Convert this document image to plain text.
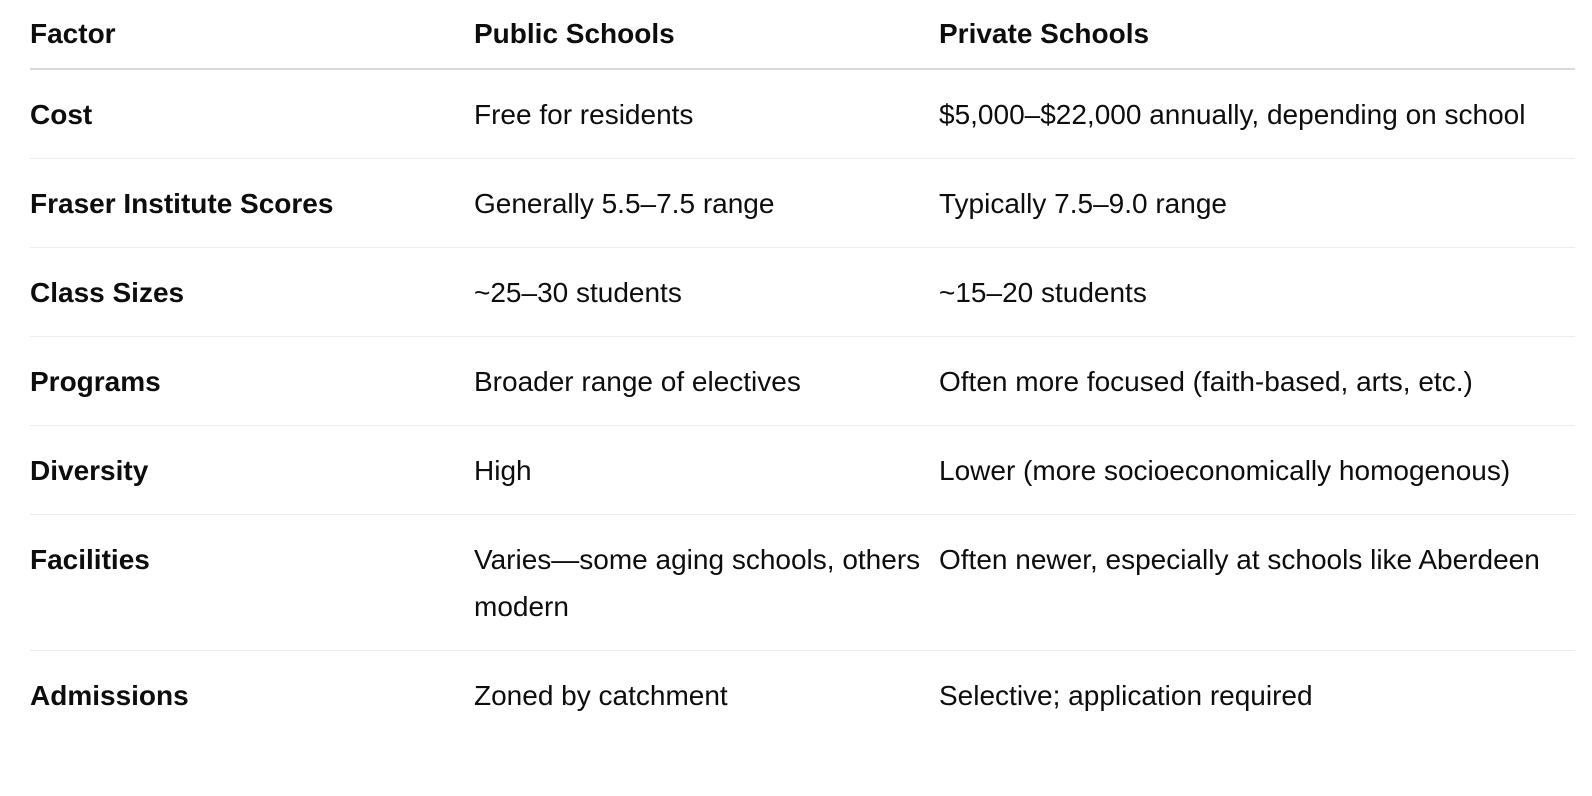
Factor	Public Schools	Private Schools

Cost	Free for residents	$5,000–$22,000 annually, depending on school

Fraser Institute Scores	Generally 5.5–7.5 range	Typically 7.5–9.0 range

Class Sizes	~25–30 students	~15–20 students

Programs	Broader range of electives	Often more focused (faith-based, arts, etc.)

Diversity	High	Lower (more socioeconomically homogenous)

Facilities	Varies—some aging schools, others modern	Often newer, especially at schools like Aberdeen

Admissions	Zoned by catchment	Selective; application required
